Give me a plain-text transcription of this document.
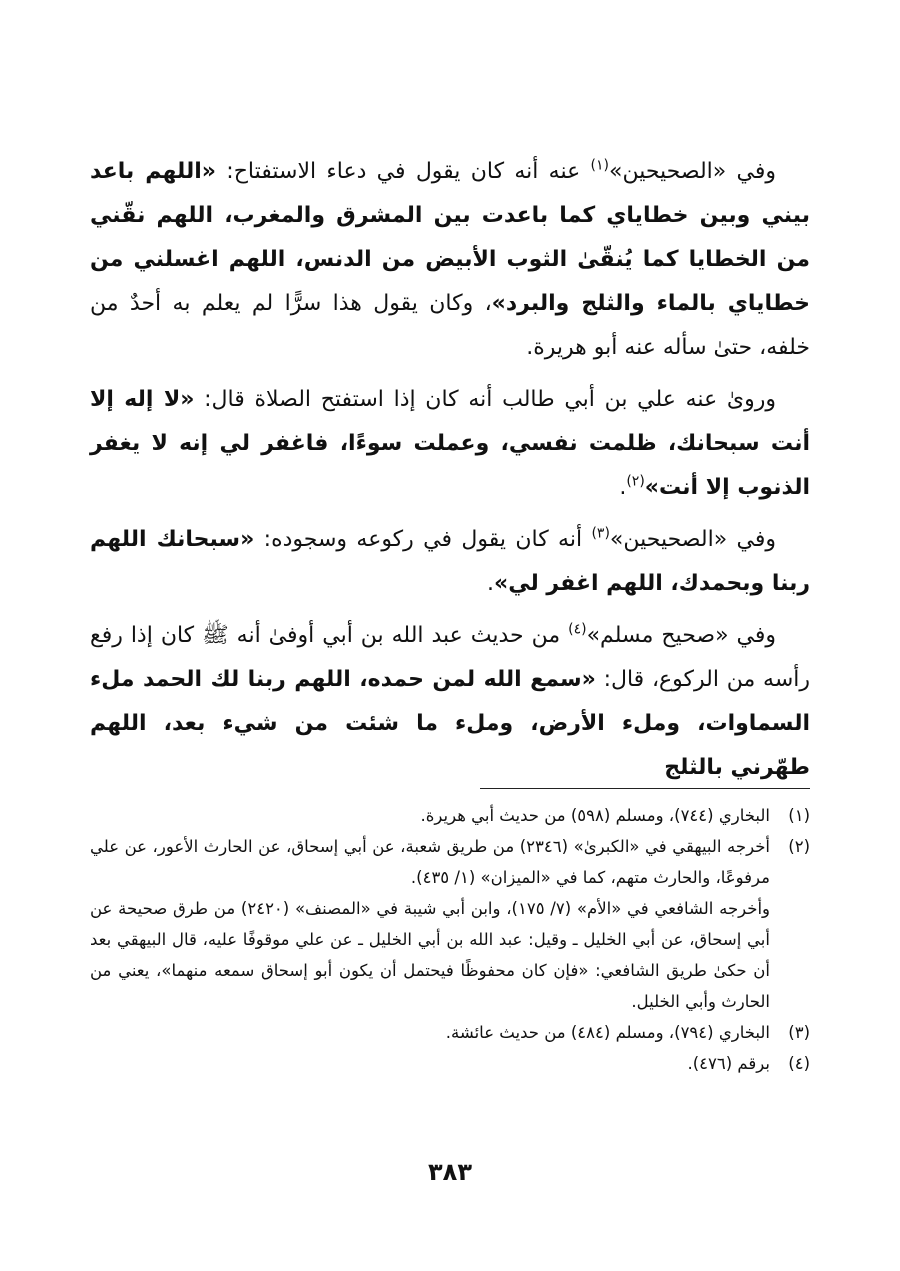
وفي «الصحيحين»$^{(١)}$ عنه أنه كان يقول في دعاء الاستفتاح: «اللهم باعد بيني وبين خطاياي كما باعدت بين المشرق والمغرب، اللهم نقّني من الخطايا كما يُنقّىٰ الثوب الأبيض من الدنس، اللهم اغسلني من خطاياي بالماء والثلج والبرد»، وكان يقول هذا سرًّا لم يعلم به أحدٌ من خلفه، حتىٰ سأله عنه أبو هريرة.

ورویٰ عنه علي بن أبي طالب أنه كان إذا استفتح الصلاة قال: «لا إله إلا أنت سبحانك، ظلمت نفسي، وعملت سوءًا، فاغفر لي إنه لا يغفر الذنوب إلا أنت»$^{(٢)}$.

وفي «الصحيحين»$^{(٣)}$ أنه كان يقول في ركوعه وسجوده: «سبحانك اللهم ربنا وبحمدك، اللهم اغفر لي».

وفي «صحيح مسلم»$^{(٤)}$ من حديث عبد الله بن أبي أوفىٰ أنه ﷺ كان إذا رفع رأسه من الركوع، قال: «سمع الله لمن حمده، اللهم ربنا لك الحمد ملء السماوات، وملء الأرض، وملء ما شئت من شيء بعد، اللهم طهّرني بالثلج

(١)

البخاري (٧٤٤)، ومسلم (٥٩٨) من حديث أبي هريرة.

(٢)

أخرجه البيهقي في «الكبرىٰ» (٢٣٤٦) من طريق شعبة، عن أبي إسحاق، عن الحارث الأعور، عن علي مرفوعًا، والحارث متهم، كما في «الميزان» (١/ ٤٣٥).

وأخرجه الشافعي في «الأم» (٧/ ١٧٥)، وابن أبي شيبة في «المصنف» (٢٤٢٠) من طرق صحيحة عن أبي إسحاق، عن أبي الخليل ـ وقيل: عبد الله بن أبي الخليل ـ عن علي موقوفًا عليه، قال البيهقي بعد أن حكىٰ طريق الشافعي: «فإن كان محفوظًا فيحتمل أن يكون أبو إسحاق سمعه منهما»، يعني من الحارث وأبي الخليل.

(٣)

البخاري (٧٩٤)، ومسلم (٤٨٤) من حديث عائشة.

(٤)

برقم (٤٧٦).

٣٨٣
